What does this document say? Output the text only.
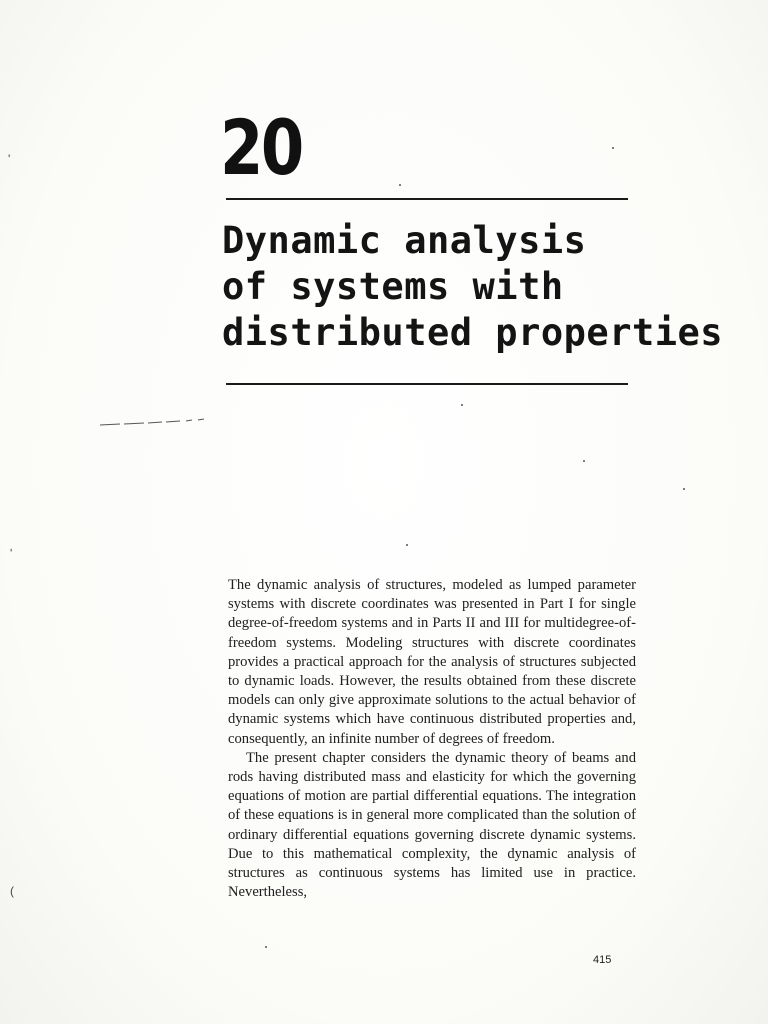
20
Dynamic analysis
of systems with
distributed properties
'
ʹ
(

The dynamic analysis of structures, modeled as lumped parameter systems with discrete coordinates was presented in Part I for single degree-of-freedom systems and in Parts II and III for multidegree-of-freedom systems. Modeling structures with discrete coordinates provides a practical approach for the analysis of structures subjected to dynamic loads. However, the results obtained from these discrete models can only give approximate solutions to the actual behavior of dynamic systems which have continuous distributed properties and, consequently, an infinite number of degrees of freedom.

The present chapter considers the dynamic theory of beams and rods having distributed mass and elasticity for which the governing equations of motion are partial differential equations. The integration of these equations is in general more complicated than the solution of ordinary differential equations governing discrete dynamic systems. Due to this mathematical complexity, the dynamic analysis of structures as continuous systems has limited use in practice. Nevertheless,

415
